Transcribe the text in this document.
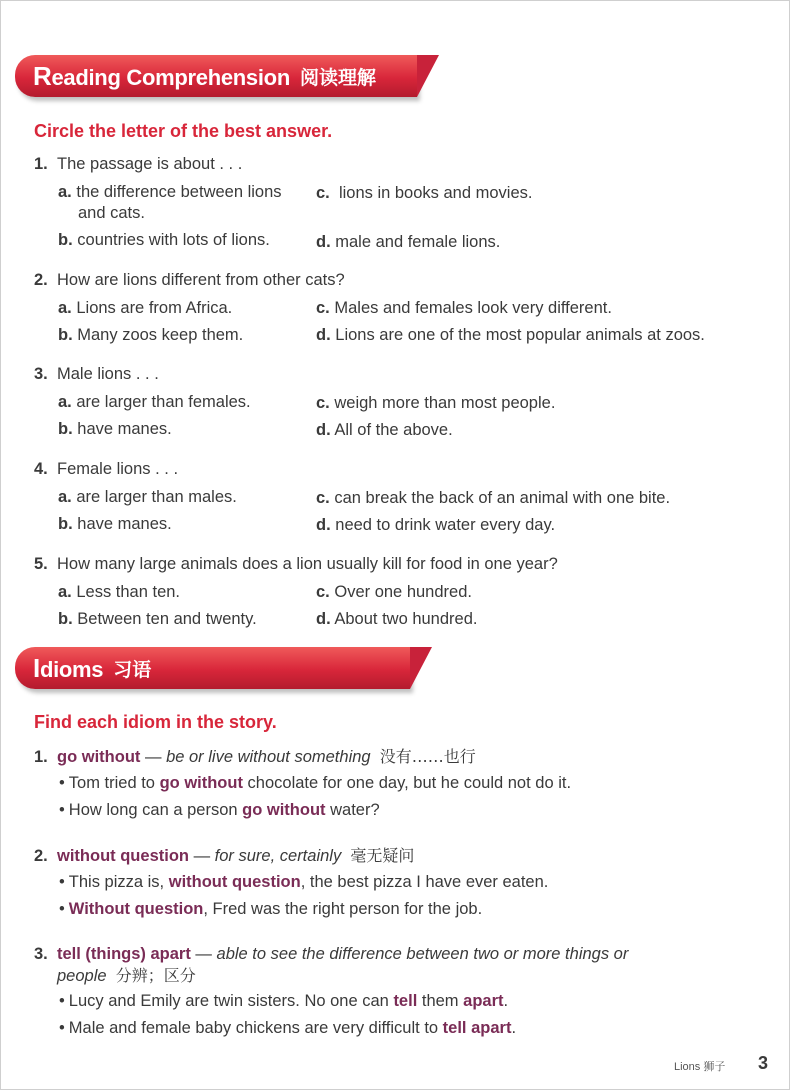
Reading Comprehension 阅读理解
Circle the letter of the best answer.
1. The passage is about . . .
a. the difference between lions
and cats.
b. countries with lots of lions.
c. lions in books and movies.
d. male and female lions.
2. How are lions different from other cats?
a. Lions are from Africa.
b. Many zoos keep them.
c. Males and females look very different.
d. Lions are one of the most popular animals at zoos.
3. Male lions . . .
a. are larger than females.
b. have manes.
c. weigh more than most people.
d. All of the above.
4. Female lions . . .
a. are larger than males.
b. have manes.
c. can break the back of an animal with one bite.
d. need to drink water every day.
5. How many large animals does a lion usually kill for food in one year?
a. Less than ten.
b. Between ten and twenty.
c. Over one hundred.
d. About two hundred.
Idioms 习语
Find each idiom in the story.
1. go without — be or live without something 没有……也行
• Tom tried to go without chocolate for one day, but he could not do it.
• How long can a person go without water?
2. without question — for sure, certainly 毫无疑问
• This pizza is, without question, the best pizza I have ever eaten.
• Without question, Fred was the right person for the job.
3. tell (things) apart — able to see the difference between two or more things or
people 分辨；区分
• Lucy and Emily are twin sisters. No one can tell them apart.
• Male and female baby chickens are very difficult to tell apart.
Lions 狮子 3
